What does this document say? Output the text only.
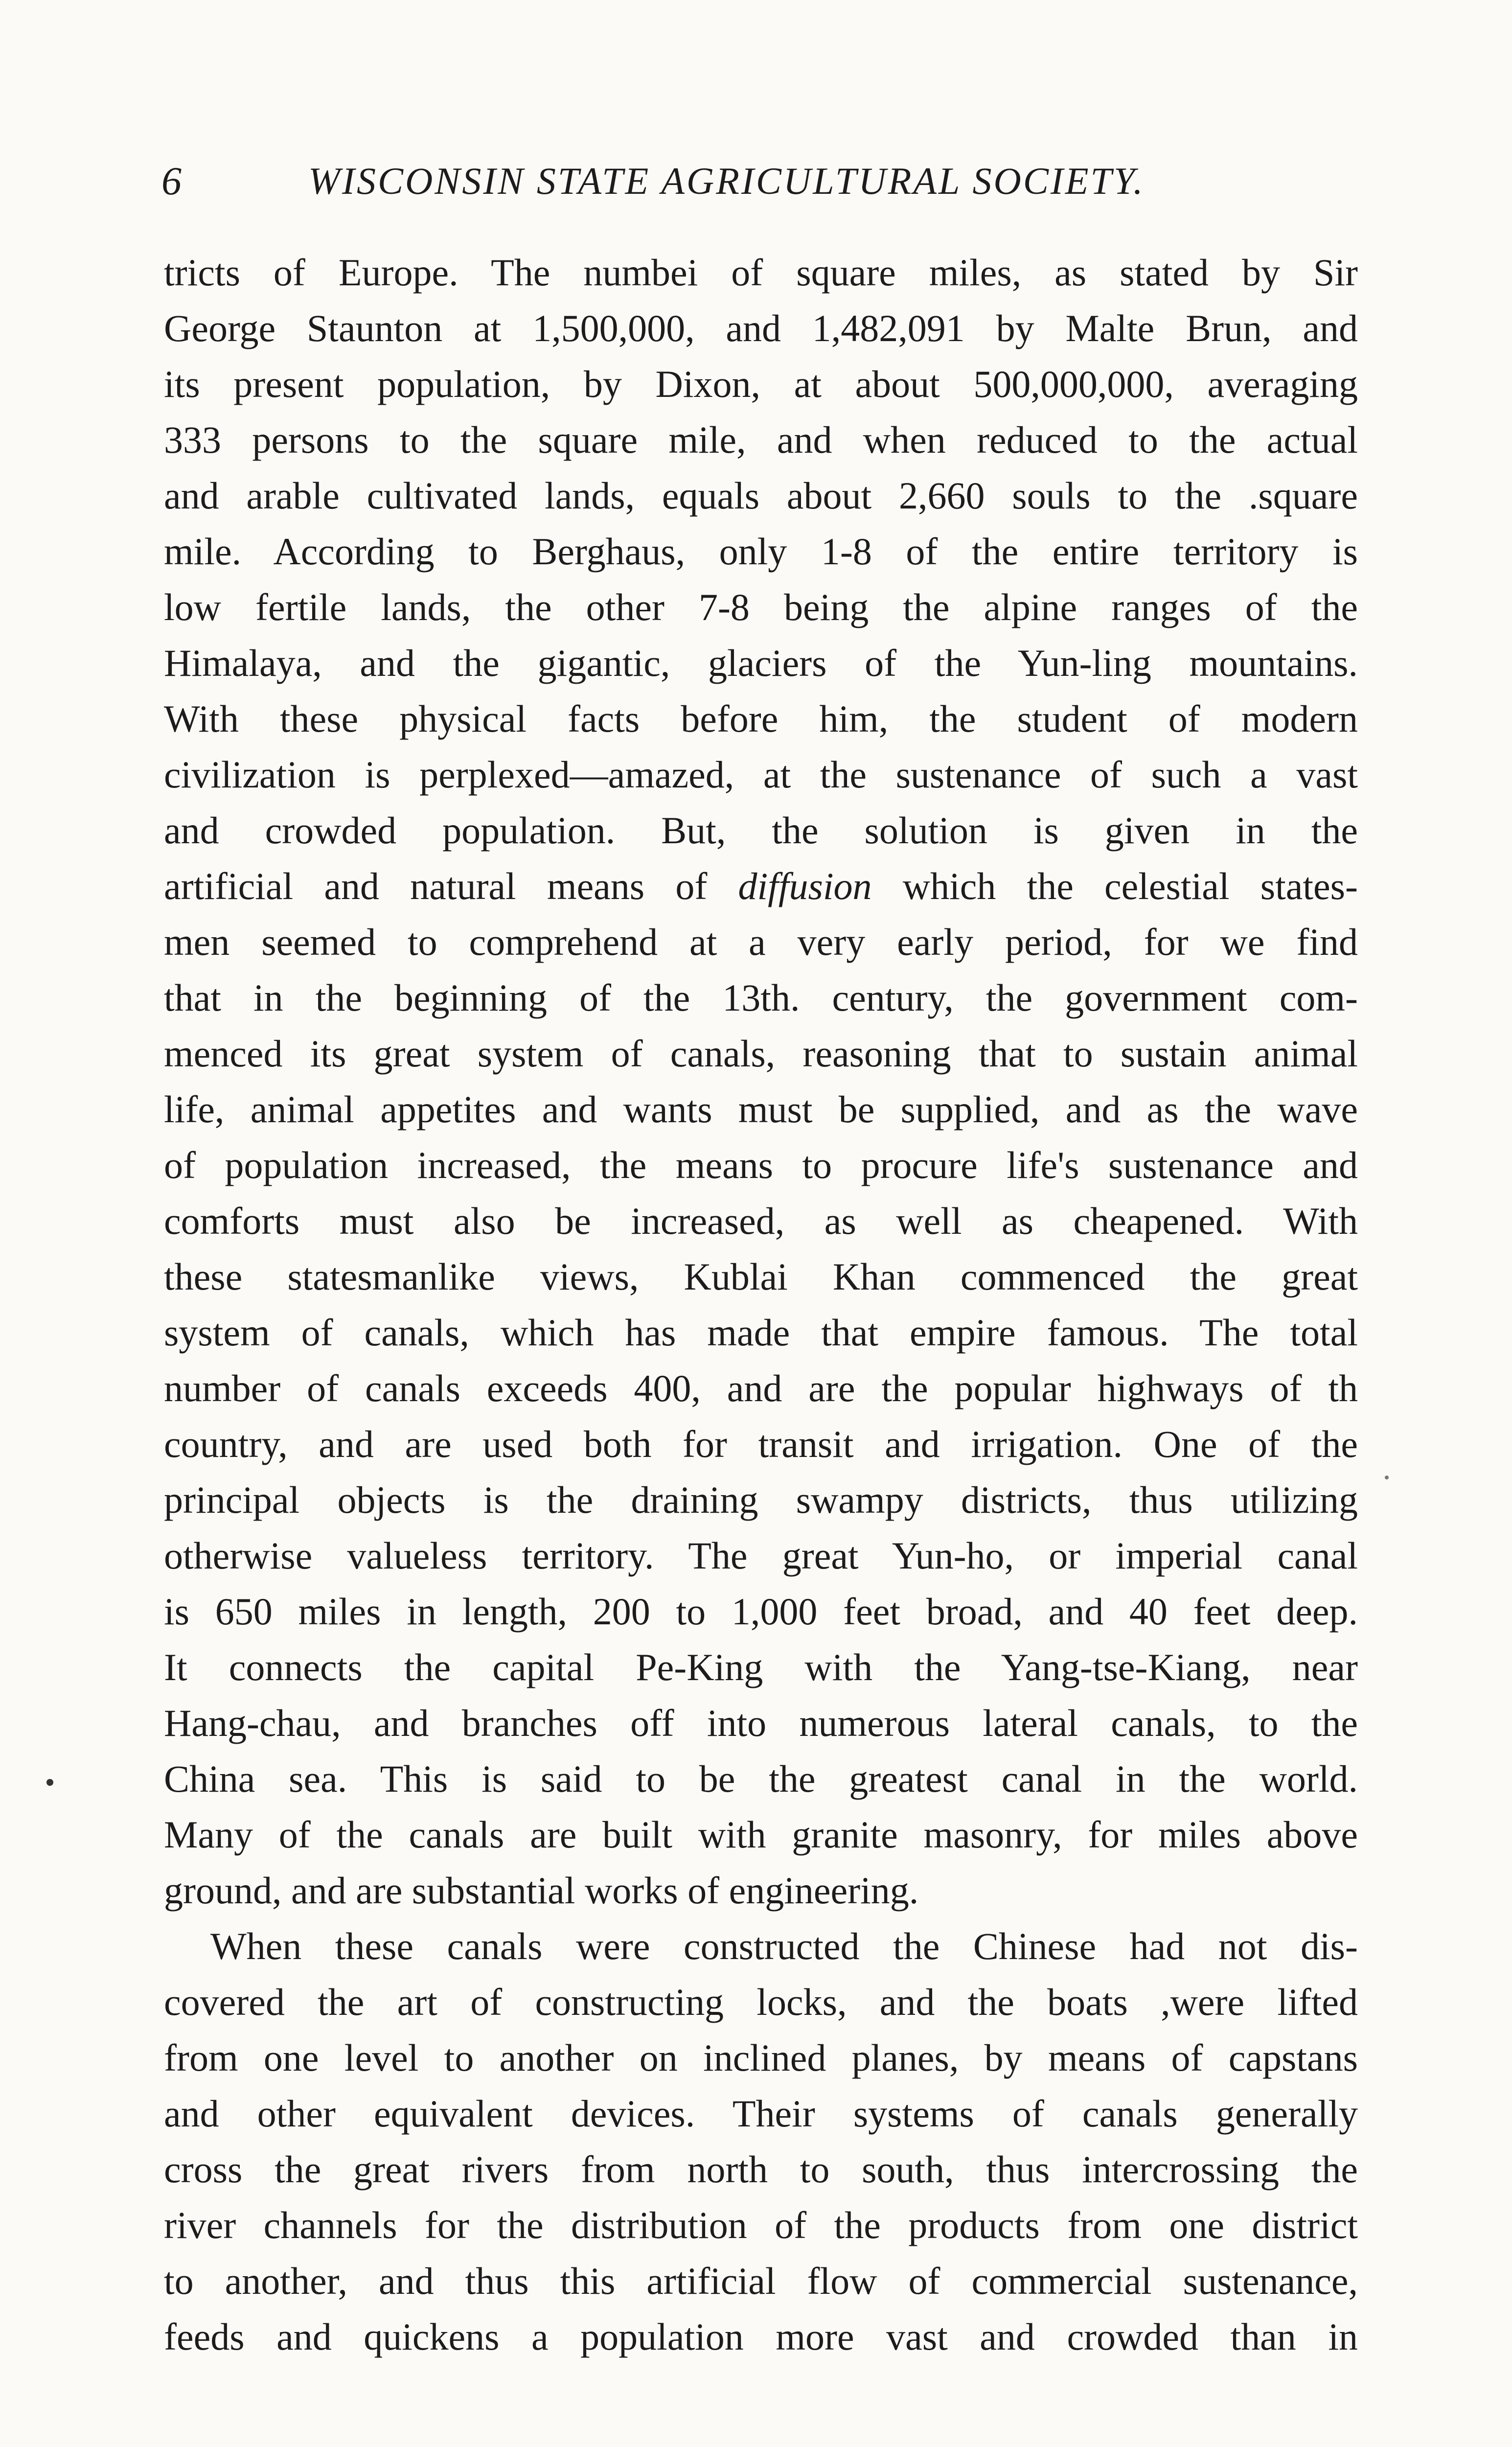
6	WISCONSIN STATE AGRICULTURAL SOCIETY.
tricts of Europe. The numbei of square miles, as stated by Sir
George Staunton at 1,500,000, and 1,482,091 by Malte Brun, and
its present population, by Dixon, at about 500,000,000, averaging
333 persons to the square mile, and when reduced to the actual
and arable cultivated lands, equals about 2,660 souls to the .square
mile. According to Berghaus, only 1-8 of the entire territory is
low fertile lands, the other 7-8 being the alpine ranges of the
Himalaya, and the gigantic, glaciers of the Yun-ling mountains.
With these physical facts before him, the student of modern
civilization is perplexed—amazed, at the sustenance of such a vast
and crowded population. But, the solution is given in the
artificial and natural means of diffusion which the celestial states-
men seemed to comprehend at a very early period, for we find
that in the beginning of the 13th. century, the government com-
menced its great system of canals, reasoning that to sustain animal
life, animal appetites and wants must be supplied, and as the wave
of population increased, the means to procure life's sustenance and
comforts must also be increased, as well as cheapened. With
these statesmanlike views, Kublai Khan commenced the great
system of canals, which has made that empire famous. The total
number of canals exceeds 400, and are the popular highways of th
country, and are used both for transit and irrigation. One of the
principal objects is the draining swampy districts, thus utilizing
otherwise valueless territory. The great Yun-ho, or imperial canal
is 650 miles in length, 200 to 1,000 feet broad, and 40 feet deep.
It connects the capital Pe-King with the Yang-tse-Kiang, near
Hang-chau, and branches off into numerous lateral canals, to the
China sea. This is said to be the greatest canal in the world.
Many of the canals are built with granite masonry, for miles above
ground, and are substantial works of engineering.
When these canals were constructed the Chinese had not dis-
covered the art of constructing locks, and the boats ,were lifted
from one level to another on inclined planes, by means of capstans
and other equivalent devices. Their systems of canals generally
cross the great rivers from north to south, thus intercrossing the
river channels for the distribution of the products from one district
to another, and thus this artificial flow of commercial sustenance,
feeds and quickens a population more vast and crowded than in
